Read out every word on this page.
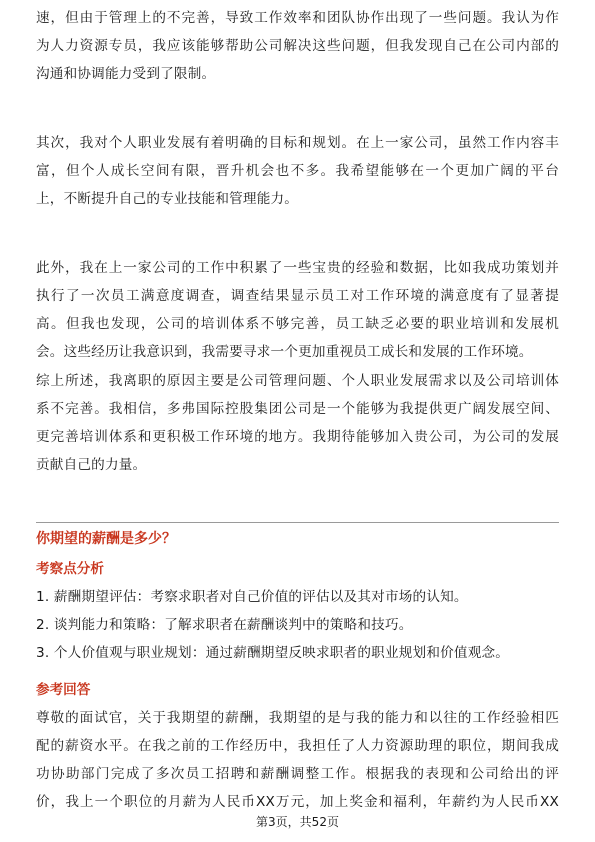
速，但由于管理上的不完善，导致工作效率和团队协作出现了一些问题。我认为作
为人力资源专员，我应该能够帮助公司解决这些问题，但我发现自己在公司内部的
沟通和协调能力受到了限制。
其次，我对个人职业发展有着明确的目标和规划。在上一家公司，虽然工作内容丰
富，但个人成长空间有限，晋升机会也不多。我希望能够在一个更加广阔的平台
上，不断提升自己的专业技能和管理能力。
此外，我在上一家公司的工作中积累了一些宝贵的经验和数据，比如我成功策划并
执行了一次员工满意度调查，调查结果显示员工对工作环境的满意度有了显著提
高。但我也发现，公司的培训体系不够完善，员工缺乏必要的职业培训和发展机
会。这些经历让我意识到，我需要寻求一个更加重视员工成长和发展的工作环境。
综上所述，我离职的原因主要是公司管理问题、个人职业发展需求以及公司培训体
系不完善。我相信，多弗国际控股集团公司是一个能够为我提供更广阔发展空间、
更完善培训体系和更积极工作环境的地方。我期待能够加入贵公司，为公司的发展
贡献自己的力量。
你期望的薪酬是多少？
考察点分析
1. 薪酬期望评估：考察求职者对自己价值的评估以及其对市场的认知。
2. 谈判能力和策略：了解求职者在薪酬谈判中的策略和技巧。
3. 个人价值观与职业规划：通过薪酬期望反映求职者的职业规划和价值观念。
参考回答
尊敬的面试官，关于我期望的薪酬，我期望的是与我的能力和以往的工作经验相匹
配的薪资水平。在我之前的工作经历中，我担任了人力资源助理的职位，期间我成
功协助部门完成了多次员工招聘和薪酬调整工作。根据我的表现和公司给出的评
价，我上一个职位的月薪为人民币XX万元，加上奖金和福利，年薪约为人民币XX
第3页，共52页
